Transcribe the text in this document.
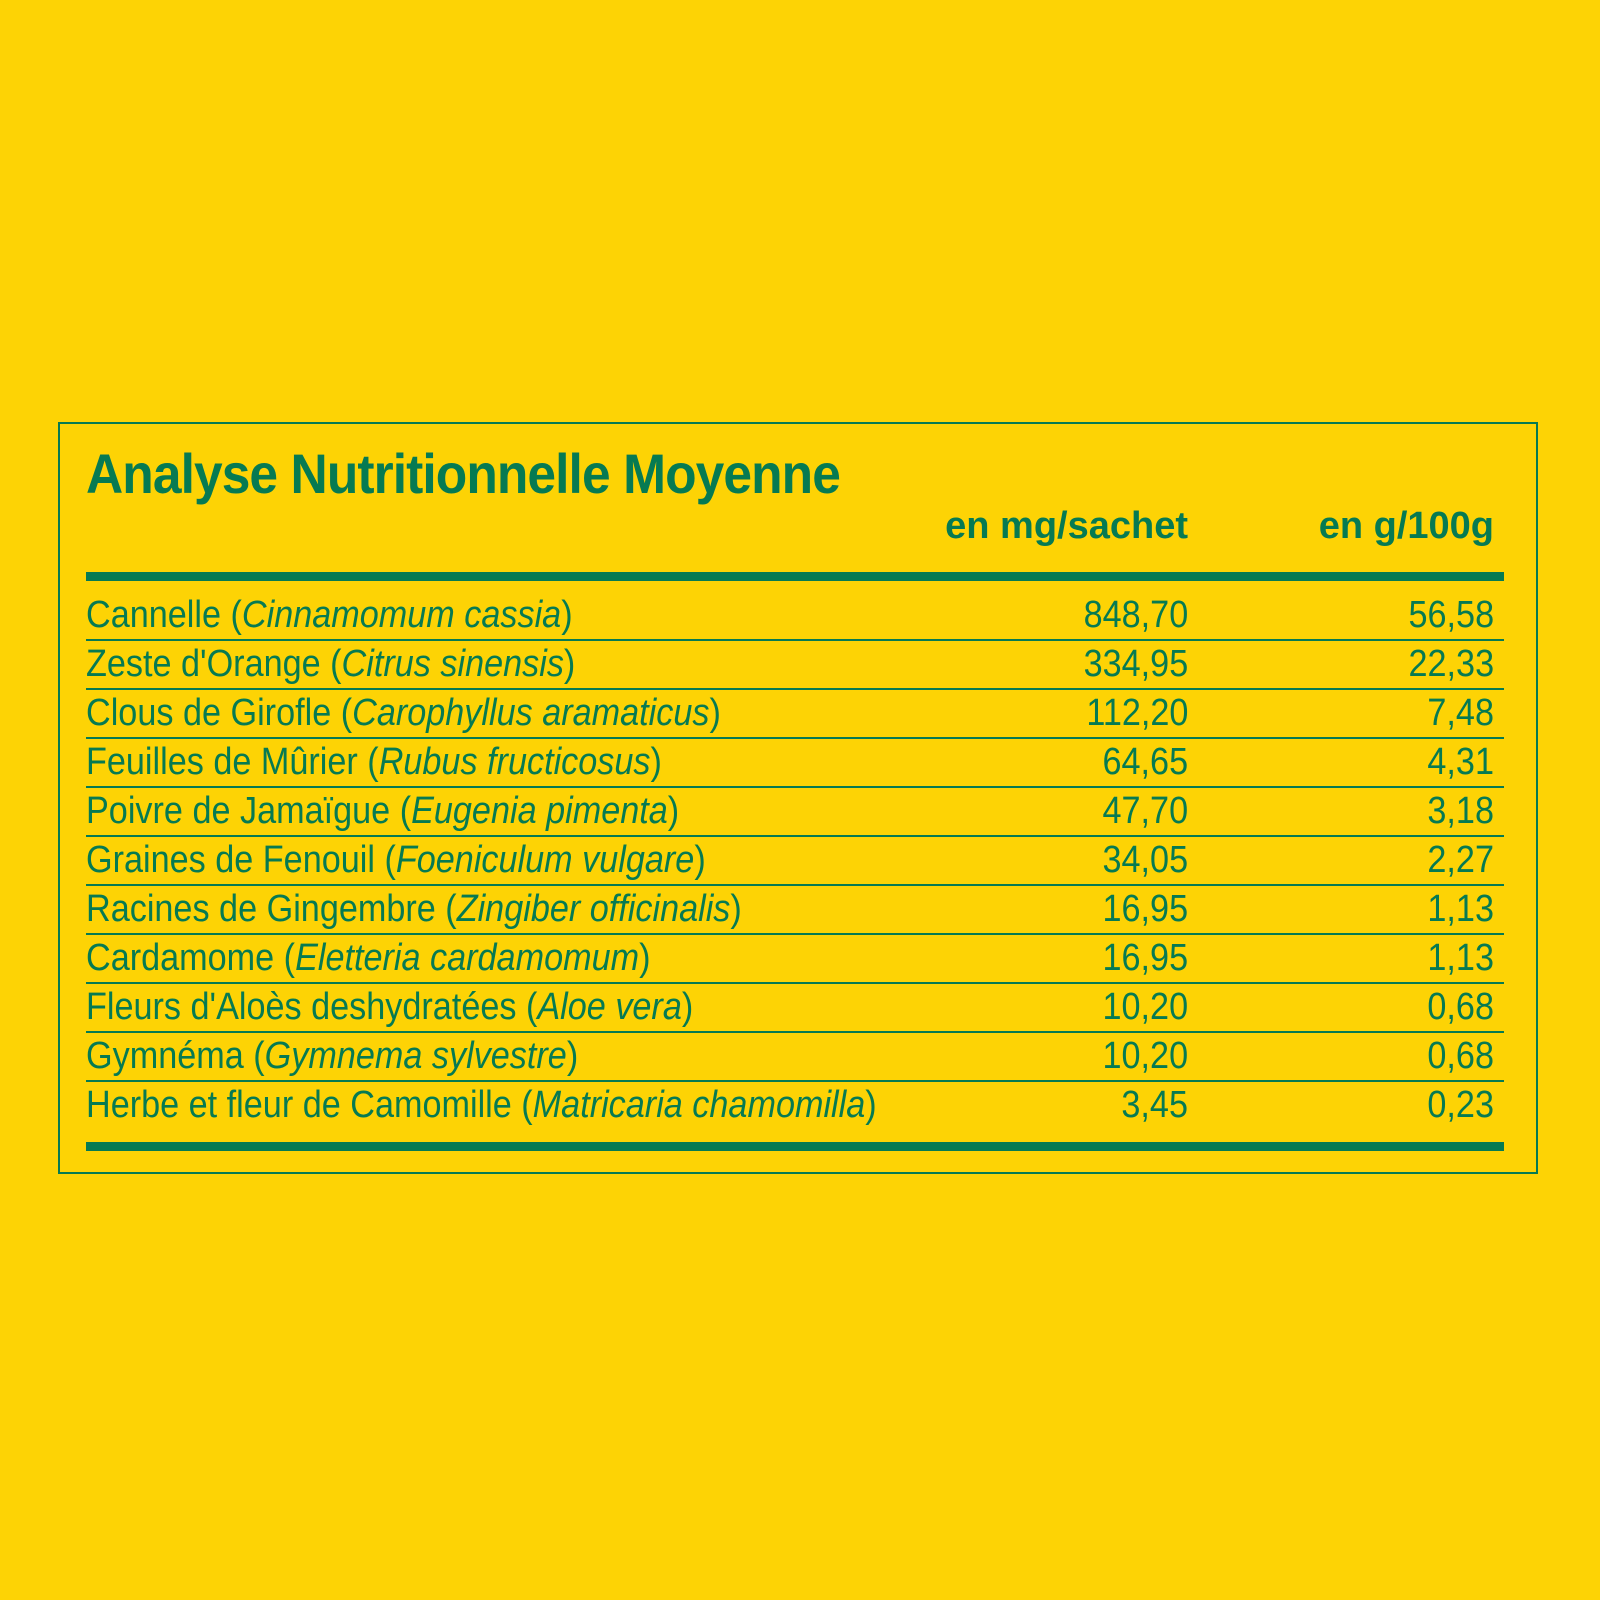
Analyse Nutritionnelle Moyenne
en mg/sachet	en g/100g
Cannelle (Cinnamomum cassia)	848,70	56,58
Zeste d'Orange (Citrus sinensis)	334,95	22,33
Clous de Girofle (Carophyllus aramaticus)	112,20	7,48
Feuilles de Mûrier (Rubus fructicosus)	64,65	4,31
Poivre de Jamaïgue (Eugenia pimenta)	47,70	3,18
Graines de Fenouil (Foeniculum vulgare)	34,05	2,27
Racines de Gingembre (Zingiber officinalis)	16,95	1,13
Cardamome (Eletteria cardamomum)	16,95	1,13
Fleurs d'Aloès deshydratées (Aloe vera)	10,20	0,68
Gymnéma (Gymnema sylvestre)	10,20	0,68
Herbe et fleur de Camomille (Matricaria chamomilla)	3,45	0,23
